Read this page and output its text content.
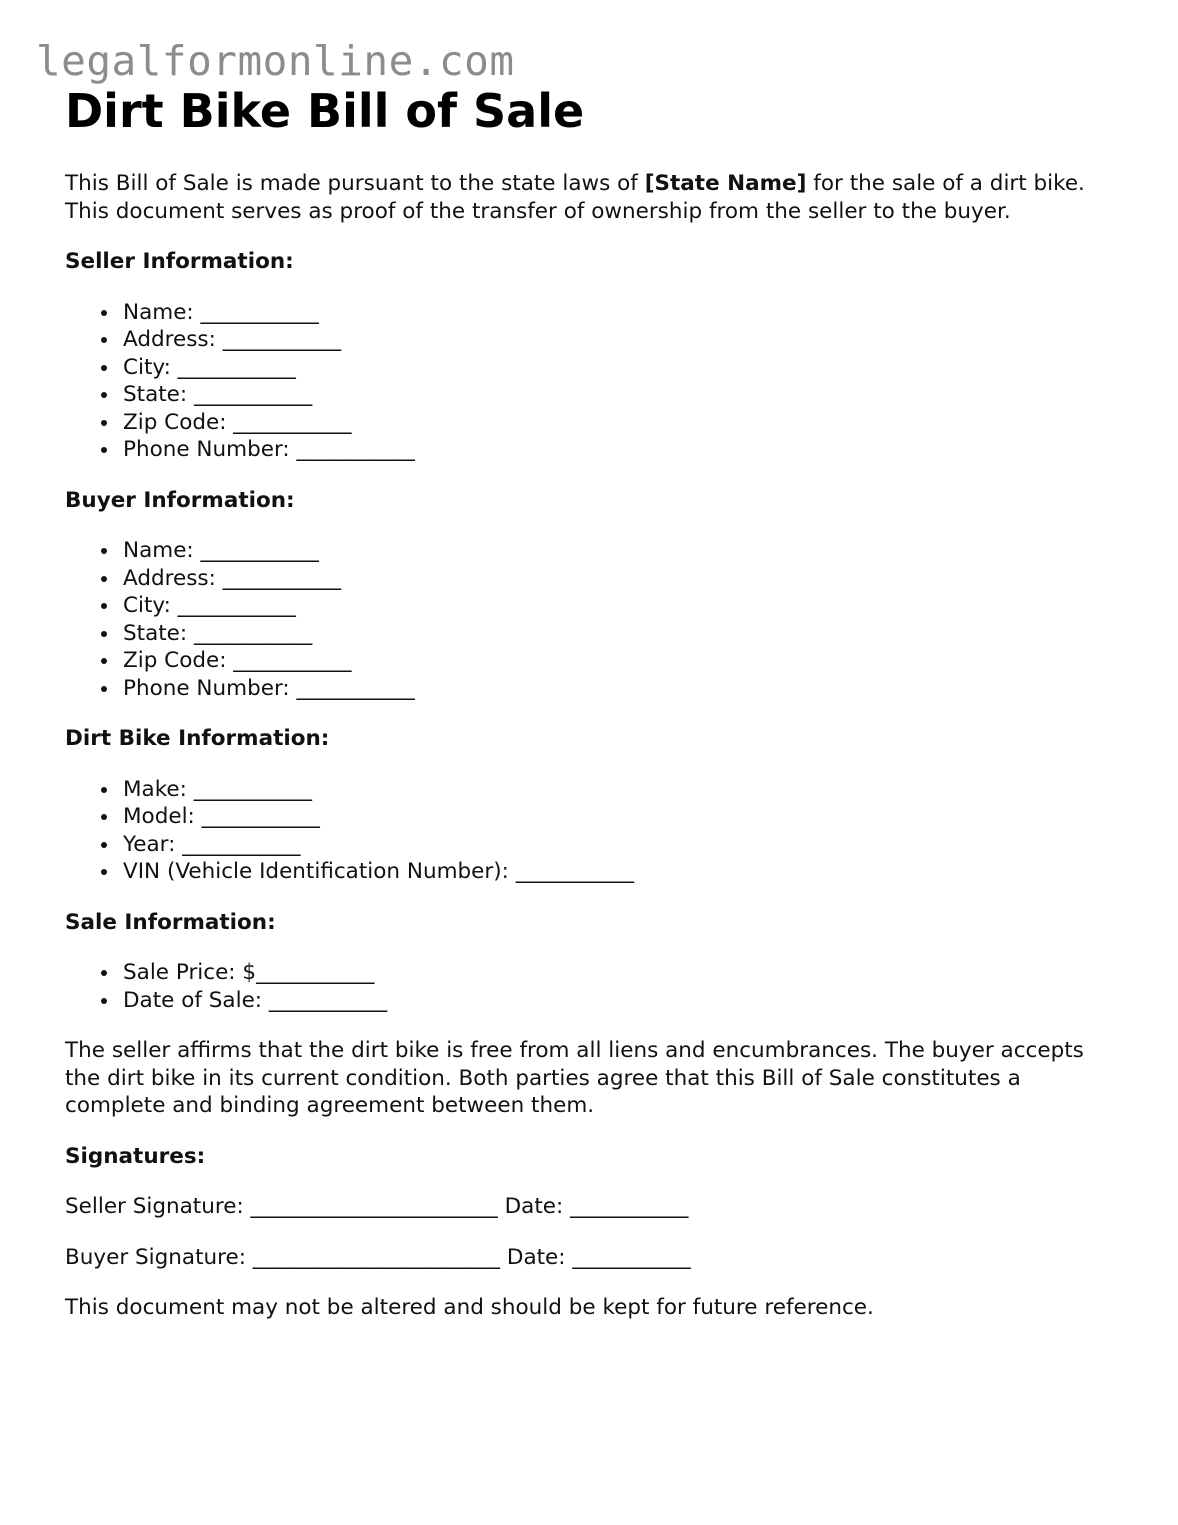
legalformonline.com
Dirt Bike Bill of Sale

This Bill of Sale is made pursuant to the state laws of [State Name] for the sale of a dirt bike. This document serves as proof of the transfer of ownership from the seller to the buyer.

Seller Information:
Name: ___________
Address: ___________
City: ___________
State: ___________
Zip Code: ___________
Phone Number: ___________
Buyer Information:
Name: ___________
Address: ___________
City: ___________
State: ___________
Zip Code: ___________
Phone Number: ___________
Dirt Bike Information:
Make: ___________
Model: ___________
Year: ___________
VIN (Vehicle Identification Number): ___________
Sale Information:
Sale Price: $___________
Date of Sale: ___________

The seller affirms that the dirt bike is free from all liens and encumbrances. The buyer accepts the dirt bike in its current condition. Both parties agree that this Bill of Sale constitutes a complete and binding agreement between them.

Signatures:

Seller Signature: _______________________ Date: ___________

Buyer Signature: _______________________ Date: ___________

This document may not be altered and should be kept for future reference.
